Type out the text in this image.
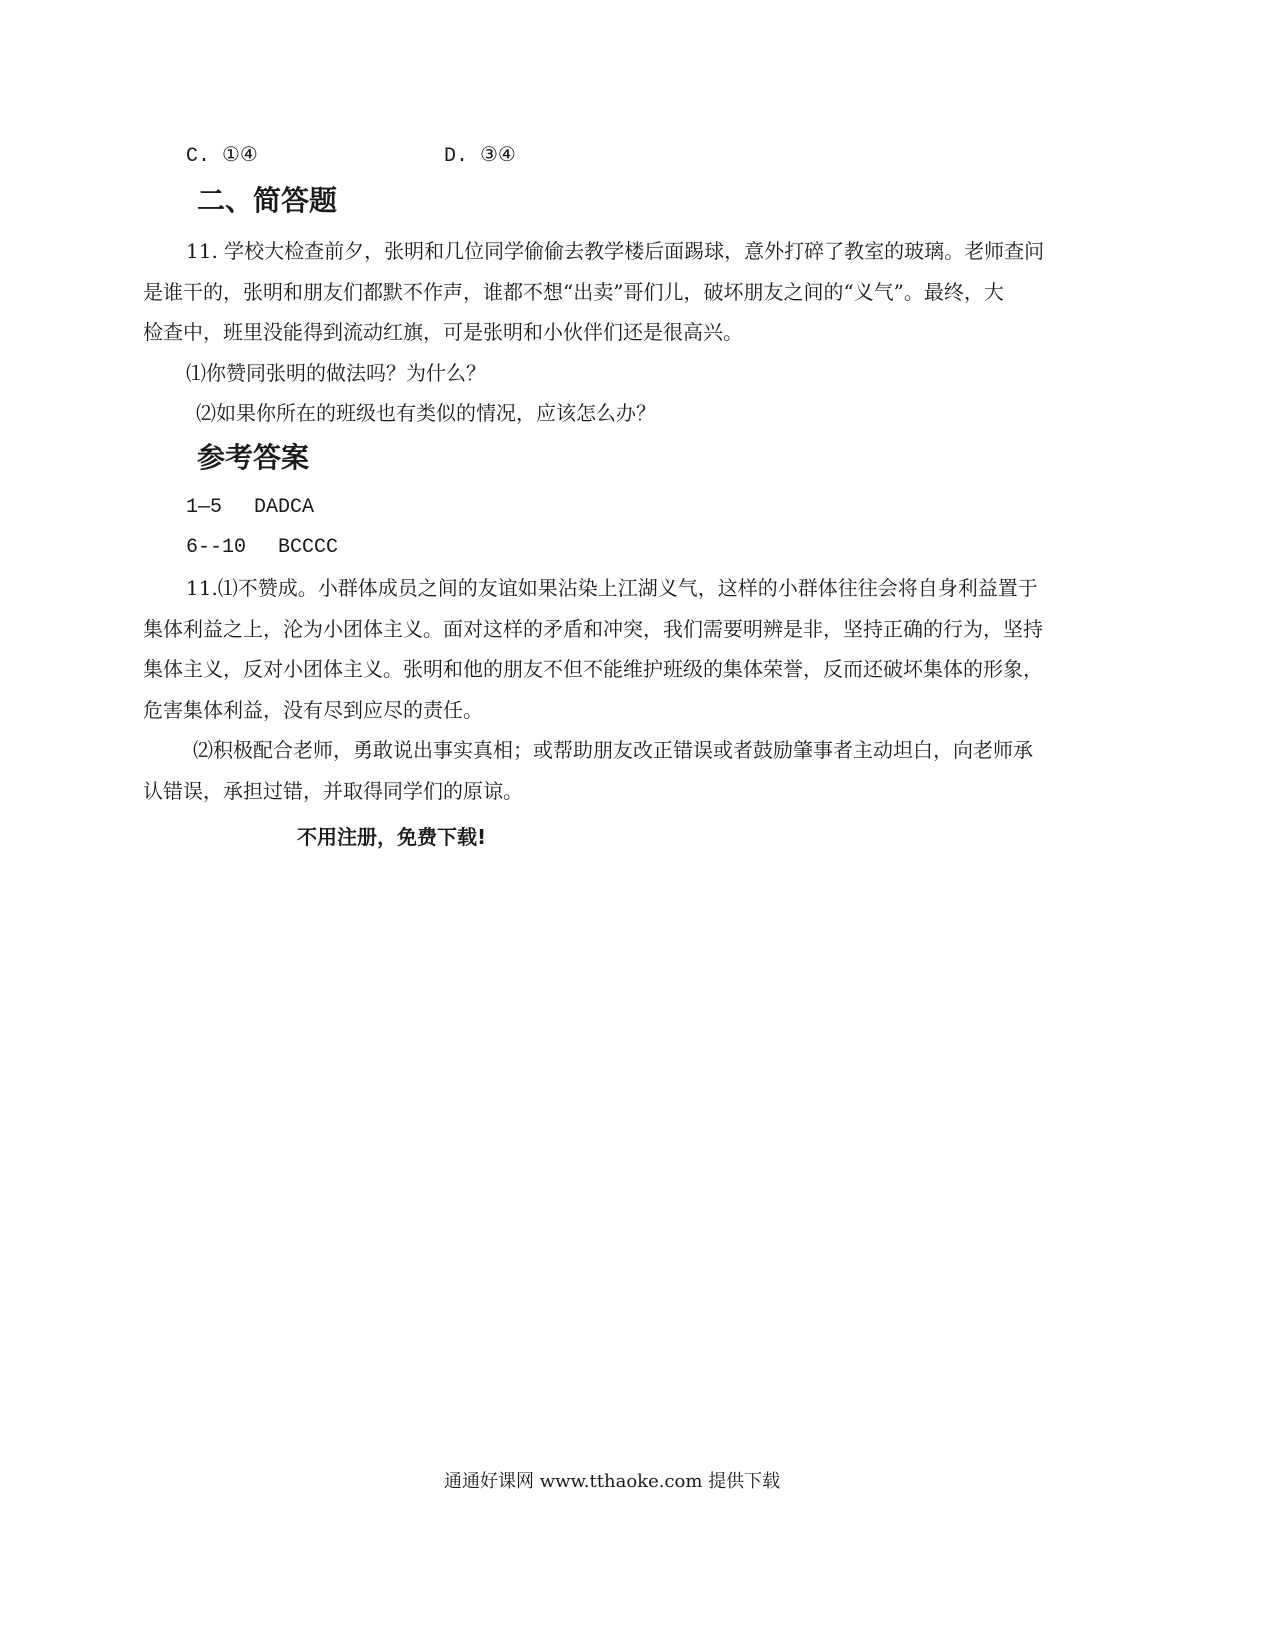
C. ①④	D. ③④
二、简答题
11. 学校大检查前夕，张明和几位同学偷偷去教学楼后面踢球，意外打碎了教室的玻璃。老师查问
是谁干的，张明和朋友们都默不作声，谁都不想“出卖”哥们儿，破坏朋友之间的“义气”。最终，大
检查中，班里没能得到流动红旗，可是张明和小伙伴们还是很高兴。
⑴你赞同张明的做法吗？为什么？
⑵如果你所在的班级也有类似的情况，应该怎么办？
参考答案
1—5　 DADCA
6--10　 BCCCC
11.⑴不赞成。小群体成员之间的友谊如果沾染上江湖义气，这样的小群体往往会将自身利益置于
集体利益之上，沦为小团体主义。面对这样的矛盾和冲突，我们需要明辨是非，坚持正确的行为，坚持
集体主义，反对小团体主义。张明和他的朋友不但不能维护班级的集体荣誉，反而还破坏集体的形象，
危害集体利益，没有尽到应尽的责任。
⑵积极配合老师，勇敢说出事实真相；或帮助朋友改正错误或者鼓励肇事者主动坦白，向老师承
认错误，承担过错，并取得同学们的原谅。
不用注册，免费下载!
通通好课网 www.tthaoke.com 提供下载
